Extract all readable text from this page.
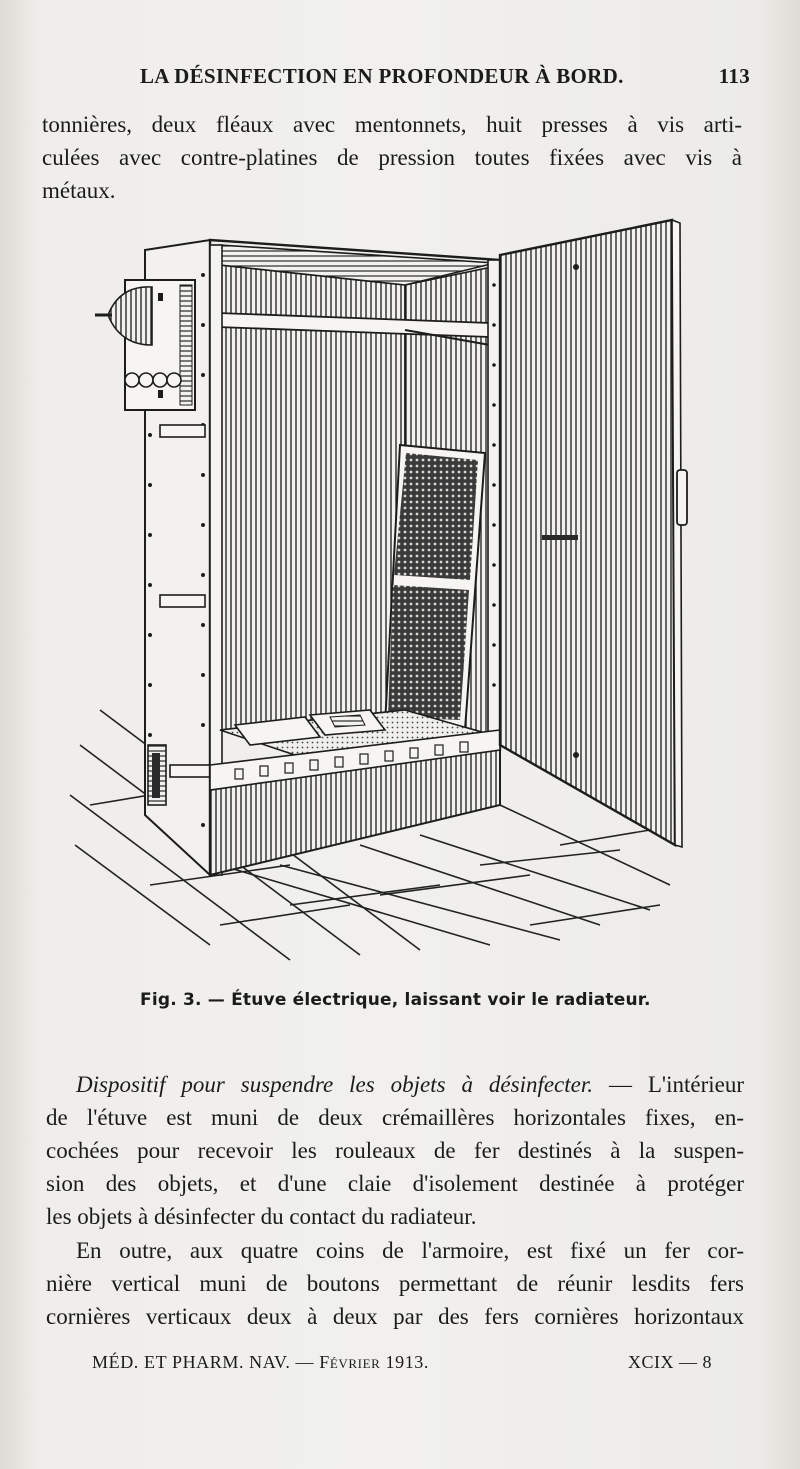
LA DÉSINFECTION EN PROFONDEUR À BORD.	113
tonnières, deux fléaux avec mentonnets, huit presses à vis arti-
culées avec contre-platines de pression toutes fixées avec vis à
métaux.
Fig. 3. — Étuve électrique, laissant voir le radiateur.
Dispositif pour suspendre les objets à désinfecter. — L'intérieur
de l'étuve est muni de deux crémaillères horizontales fixes, en-
cochées pour recevoir les rouleaux de fer destinés à la suspen-
sion des objets, et d'une claie d'isolement destinée à protéger
les objets à désinfecter du contact du radiateur.
En outre, aux quatre coins de l'armoire, est fixé un fer cor-
nière vertical muni de boutons permettant de réunir lesdits fers
cornières verticaux deux à deux par des fers cornières horizontaux
MÉD. ET PHARM. NAV. — Février 1913.	XCIX — 8
